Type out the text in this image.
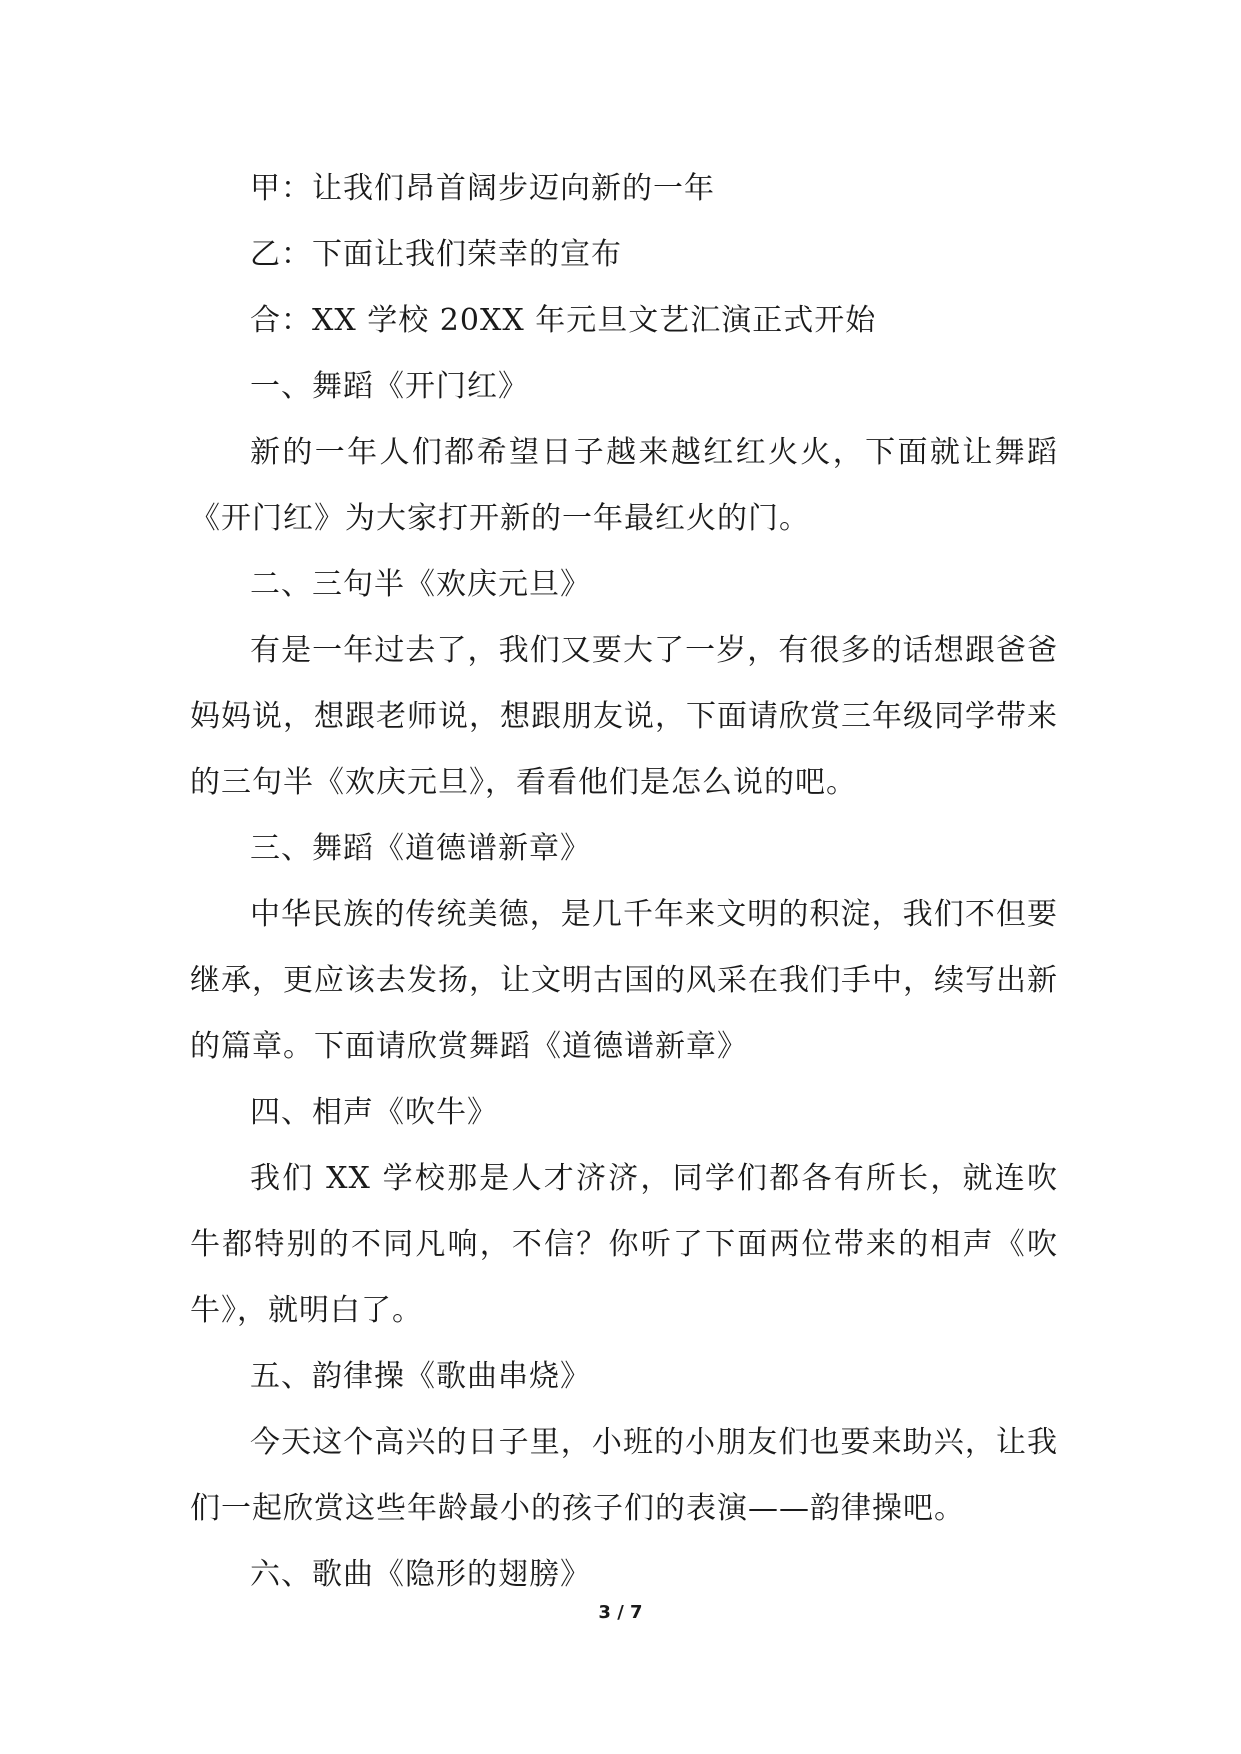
甲：让我们昂首阔步迈向新的一年

乙：下面让我们荣幸的宣布

合：XX 学校 20XX 年元旦文艺汇演正式开始

一、舞蹈《开门红》

新的一年人们都希望日子越来越红红火火，下面就让舞蹈《开门红》为大家打开新的一年最红火的门。

二、三句半《欢庆元旦》

有是一年过去了，我们又要大了一岁，有很多的话想跟爸爸妈妈说，想跟老师说，想跟朋友说，下面请欣赏三年级同学带来的三句半《欢庆元旦》，看看他们是怎么说的吧。

三、舞蹈《道德谱新章》

中华民族的传统美德，是几千年来文明的积淀，我们不但要继承，更应该去发扬，让文明古国的风采在我们手中，续写出新的篇章。下面请欣赏舞蹈《道德谱新章》

四、相声《吹牛》

我们 XX 学校那是人才济济，同学们都各有所长，就连吹牛都特别的不同凡响，不信？你听了下面两位带来的相声《吹牛》，就明白了。

五、韵律操《歌曲串烧》

今天这个高兴的日子里，小班的小朋友们也要来助兴，让我们一起欣赏这些年龄最小的孩子们的表演——韵律操吧。

六、歌曲《隐形的翅膀》

3 / 7
